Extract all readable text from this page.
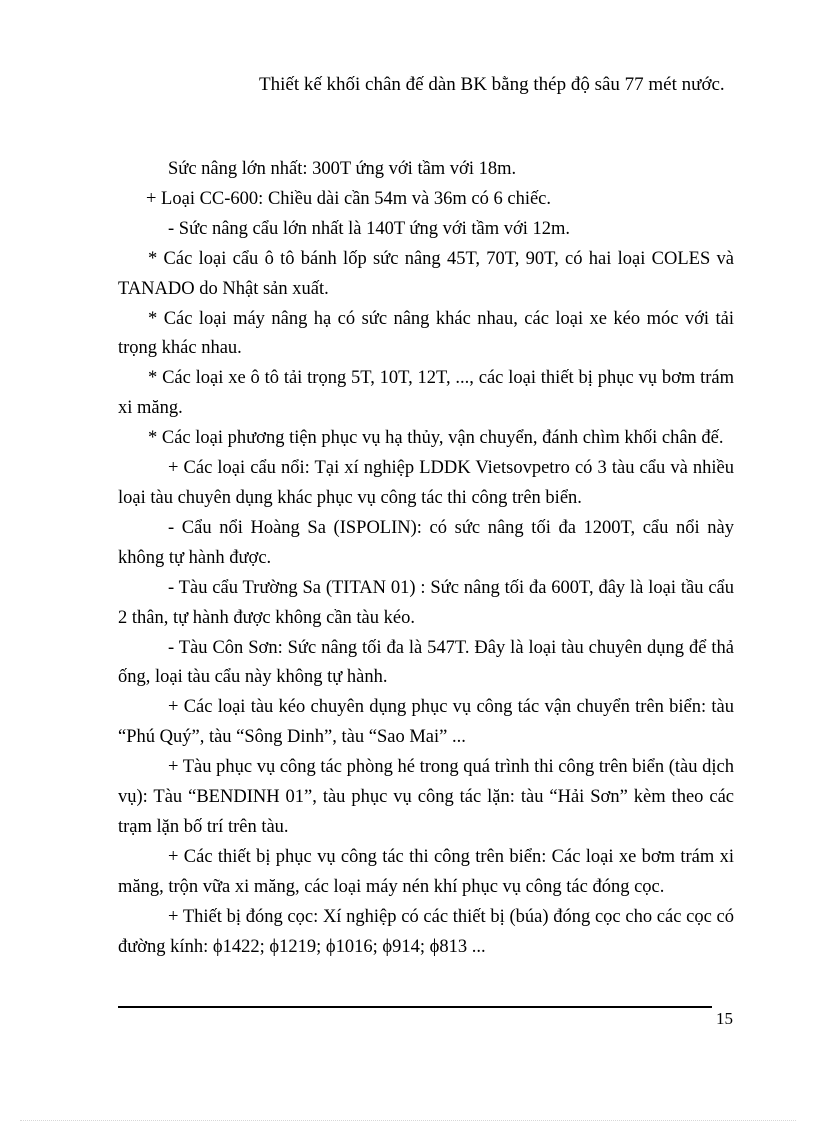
Thiết kế khối chân đế dàn BK bằng thép độ sâu 77 mét nước.

Sức nâng lớn nhất: 300T ứng với tầm với 18m.

+ Loại CC-600: Chiều dài cần 54m và 36m có 6 chiếc.

- Sức nâng cẩu lớn nhất là 140T ứng với tầm với 12m.

* Các loại cẩu ô tô bánh lốp sức nâng 45T, 70T, 90T, có hai loại COLES và TANADO do Nhật sản xuất.

* Các loại máy nâng hạ có sức nâng khác nhau, các loại xe kéo móc với tải trọng khác nhau.

* Các loại xe ô tô tải trọng 5T, 10T, 12T, ..., các loại thiết bị phục vụ bơm trám xi măng.

* Các loại phương tiện phục vụ hạ thủy, vận chuyển, đánh chìm khối chân đế.

+ Các loại cẩu nổi: Tại xí nghiệp LDDK Vietsovpetro có 3 tàu cẩu và nhiều loại tàu chuyên dụng khác phục vụ công tác thi công trên biển.

- Cẩu nổi Hoàng Sa (ISPOLIN): có sức nâng tối đa 1200T, cẩu nổi này không tự hành được.

- Tàu cẩu Trường Sa (TITAN 01) : Sức nâng tối đa 600T, đây là loại tầu cẩu 2 thân, tự hành được không cần tàu kéo.

- Tàu Côn Sơn: Sức nâng tối đa là 547T. Đây là loại tàu chuyên dụng để thả ống, loại tàu cẩu này không tự hành.

+ Các loại tàu kéo chuyên dụng phục vụ công tác vận chuyển trên biển: tàu “Phú Quý”, tàu “Sông Dinh”, tàu “Sao Mai” ...

+ Tàu phục vụ công tác phòng hé trong quá trình thi công trên biển (tàu dịch vụ): Tàu “BENDINH 01”, tàu phục vụ công tác lặn: tàu “Hải Sơn” kèm theo các trạm lặn bố trí trên tàu.

+ Các thiết bị phục vụ công tác thi công trên biển: Các loại xe bơm trám xi măng, trộn vữa xi măng, các loại máy nén khí phục vụ công tác đóng cọc.

+ Thiết bị đóng cọc: Xí nghiệp có các thiết bị (búa) đóng cọc cho các cọc có đường kính: ϕ1422; ϕ1219; ϕ1016; ϕ914; ϕ813 ...

15
